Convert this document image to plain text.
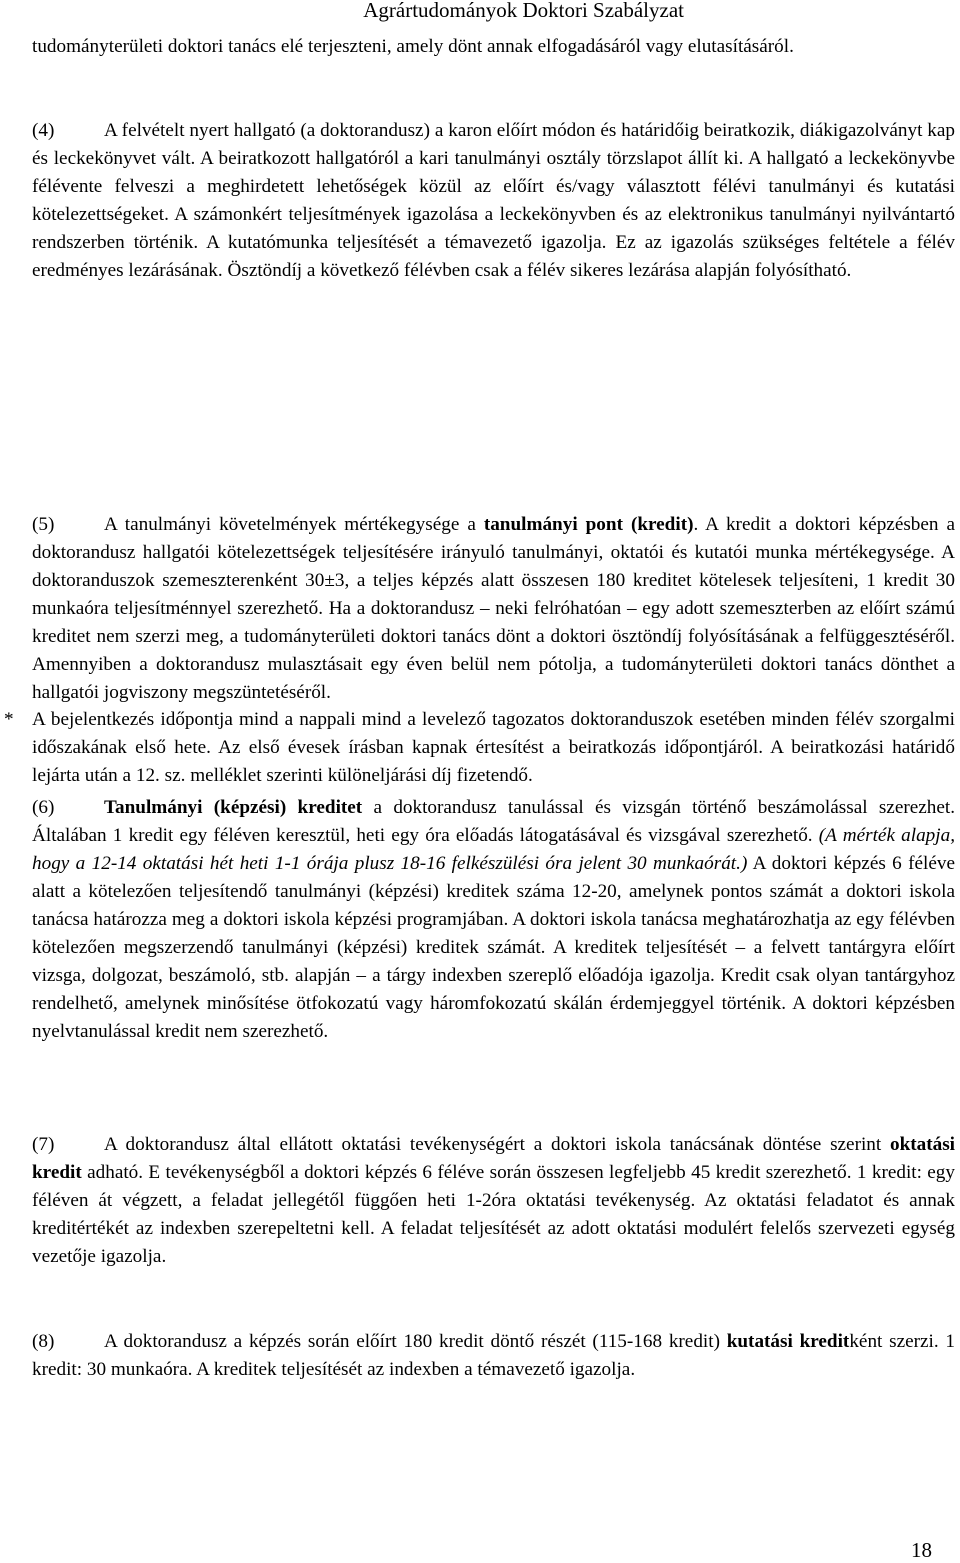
Agrártudományok Doktori Szabályzat

tudományterületi doktori tanács elé terjeszteni, amely dönt annak elfogadásáról vagy elutasításáról.

(4)	A felvételt nyert hallgató (a doktorandusz) a karon előírt módon és határidőig beiratkozik, diákigazolványt kap és leckekönyvet vált. A beiratkozott hallgatóról a kari tanulmányi osztály törzslapot állít ki. A hallgató a leckekönyvbe félévente felveszi a meghirdetett lehetőségek közül az előírt és/vagy választott félévi tanulmányi és kutatási kötelezettségeket. A számonkért teljesítmények igazolása a leckekönyvben és az elektronikus tanulmányi nyilvántartó rendszerben történik. A kutatómunka teljesítését a témavezető igazolja. Ez az igazolás szükséges feltétele a félév eredményes lezárásának. Ösztöndíj a következő félévben csak a félév sikeres lezárása alapján folyósítható.

* A bejelentkezés időpontja mind a nappali mind a levelező tagozatos doktoranduszok esetében minden félév szorgalmi időszakának első hete. Az első évesek írásban kapnak értesítést a beiratkozás időpontjáról. A beiratkozási határidő lejárta után a 12. sz. melléklet szerinti különeljárási díj fizetendő.

(5)	A tanulmányi követelmények mértékegysége a tanulmányi pont (kredit). A kredit a doktori képzésben a doktorandusz hallgatói kötelezettségek teljesítésére irányuló tanulmányi, oktatói és kutatói munka mértékegysége. A doktoranduszok szemeszterenként 30±3, a teljes képzés alatt összesen 180 kreditet kötelesek teljesíteni, 1 kredit 30 munkaóra teljesítménnyel szerezhető. Ha a doktorandusz – neki felróhatóan – egy adott szemeszterben az előírt számú kreditet nem szerzi meg, a tudományterületi doktori tanács dönt a doktori ösztöndíj folyósításának a felfüggesztéséről. Amennyiben a doktorandusz mulasztásait egy éven belül nem pótolja, a tudományterületi doktori tanács dönthet a hallgatói jogviszony megszüntetéséről.

(6)	Tanulmányi (képzési) kreditet a doktorandusz tanulással és vizsgán történő beszámolással szerezhet. Általában 1 kredit egy féléven keresztül, heti egy óra előadás látogatásával és vizsgával szerezhető. (A mérték alapja, hogy a 12-14 oktatási hét heti 1-1 órája plusz 18-16 felkészülési óra jelent 30 munkaórát.) A doktori képzés 6 féléve alatt a kötelezően teljesítendő tanulmányi (képzési) kreditek száma 12-20, amelynek pontos számát a doktori iskola tanácsa határozza meg a doktori iskola képzési programjában. A doktori iskola tanácsa meghatározhatja az egy félévben kötelezően megszerzendő tanulmányi (képzési) kreditek számát. A kreditek teljesítését – a felvett tantárgyra előírt vizsga, dolgozat, beszámoló, stb. alapján – a tárgy indexben szereplő előadója igazolja. Kredit csak olyan tantárgyhoz rendelhető, amelynek minősítése ötfokozatú vagy háromfokozatú skálán érdemjeggyel történik. A doktori képzésben nyelvtanulással kredit nem szerezhető.

(7)	A doktorandusz által ellátott oktatási tevékenységért a doktori iskola tanácsának döntése szerint oktatási kredit adható. E tevékenységből a doktori képzés 6 féléve során összesen legfeljebb 45 kredit szerezhető. 1 kredit: egy féléven át végzett, a feladat jellegétől függően heti 1-2óra oktatási tevékenység. Az oktatási feladatot és annak kreditértékét az indexben szerepeltetni kell. A feladat teljesítését az adott oktatási modulért felelős szervezeti egység vezetője igazolja.

(8)	A doktorandusz a képzés során előírt 180 kredit döntő részét (115-168 kredit) kutatási kreditként szerzi. 1 kredit: 30 munkaóra. A kreditek teljesítését az indexben a témavezető igazolja.

18
